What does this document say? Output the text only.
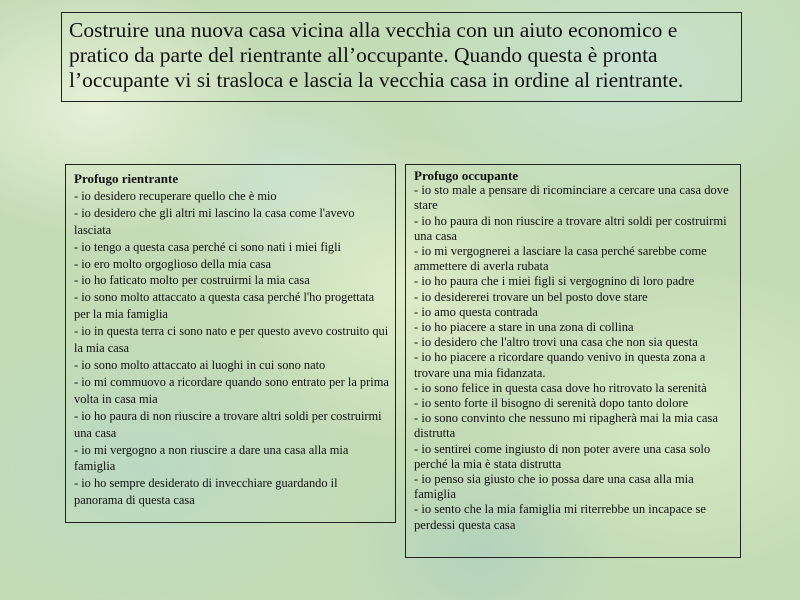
Costruire una nuova casa vicina alla vecchia con un aiuto economico e pratico da parte del rientrante all’occupante. Quando questa è pronta l’occupante vi si trasloca e lascia la vecchia casa in ordine al rientrante.
Profugo rientrante
- io desidero recuperare quello che è mio
- io desidero che gli altri mi lascino la casa come l'avevo lasciata
- io tengo a questa casa perché ci sono nati i miei figli
- io ero molto orgoglioso della mia casa
- io ho faticato molto per costruirmi la mia casa
- io sono molto attaccato a questa casa perché l'ho progettata per la mia famiglia
- io in questa terra ci sono nato e per questo avevo costruito qui la mia casa
- io sono molto attaccato ai luoghi in cui sono nato
- io mi commuovo a ricordare quando sono entrato per la prima volta in casa mia
- io ho paura di non riuscire a trovare altri soldi per costruirmi una casa
- io mi vergogno a non riuscire a dare una casa alla mia famiglia
- io ho sempre desiderato di invecchiare guardando il panorama di questa casa
Profugo occupante
- io sto male a pensare di ricominciare a cercare una casa dove stare
- io ho paura di non riuscire a trovare altri soldi per costruirmi una casa
- io mi vergognerei a lasciare la casa perché sarebbe come ammettere di averla rubata
- io ho paura che i miei figli si vergognino di loro padre
- io desidererei trovare un bel posto dove stare
- io amo questa contrada
- io ho piacere a stare in una zona di collina
- io desidero che l'altro trovi una casa che non sia questa
- io ho piacere a ricordare quando venivo in questa zona a trovare una mia fidanzata.
- io sono felice in questa casa dove ho ritrovato la serenità
- io sento forte il bisogno di serenità dopo tanto dolore
- io sono convinto che nessuno mi ripagherà mai la mia casa distrutta
- io sentirei come ingiusto di non poter avere una casa solo perché la mia è stata distrutta
- io penso sia giusto che io possa dare una casa alla mia famiglia
- io sento che la mia famiglia mi riterrebbe un incapace se perdessi questa casa
